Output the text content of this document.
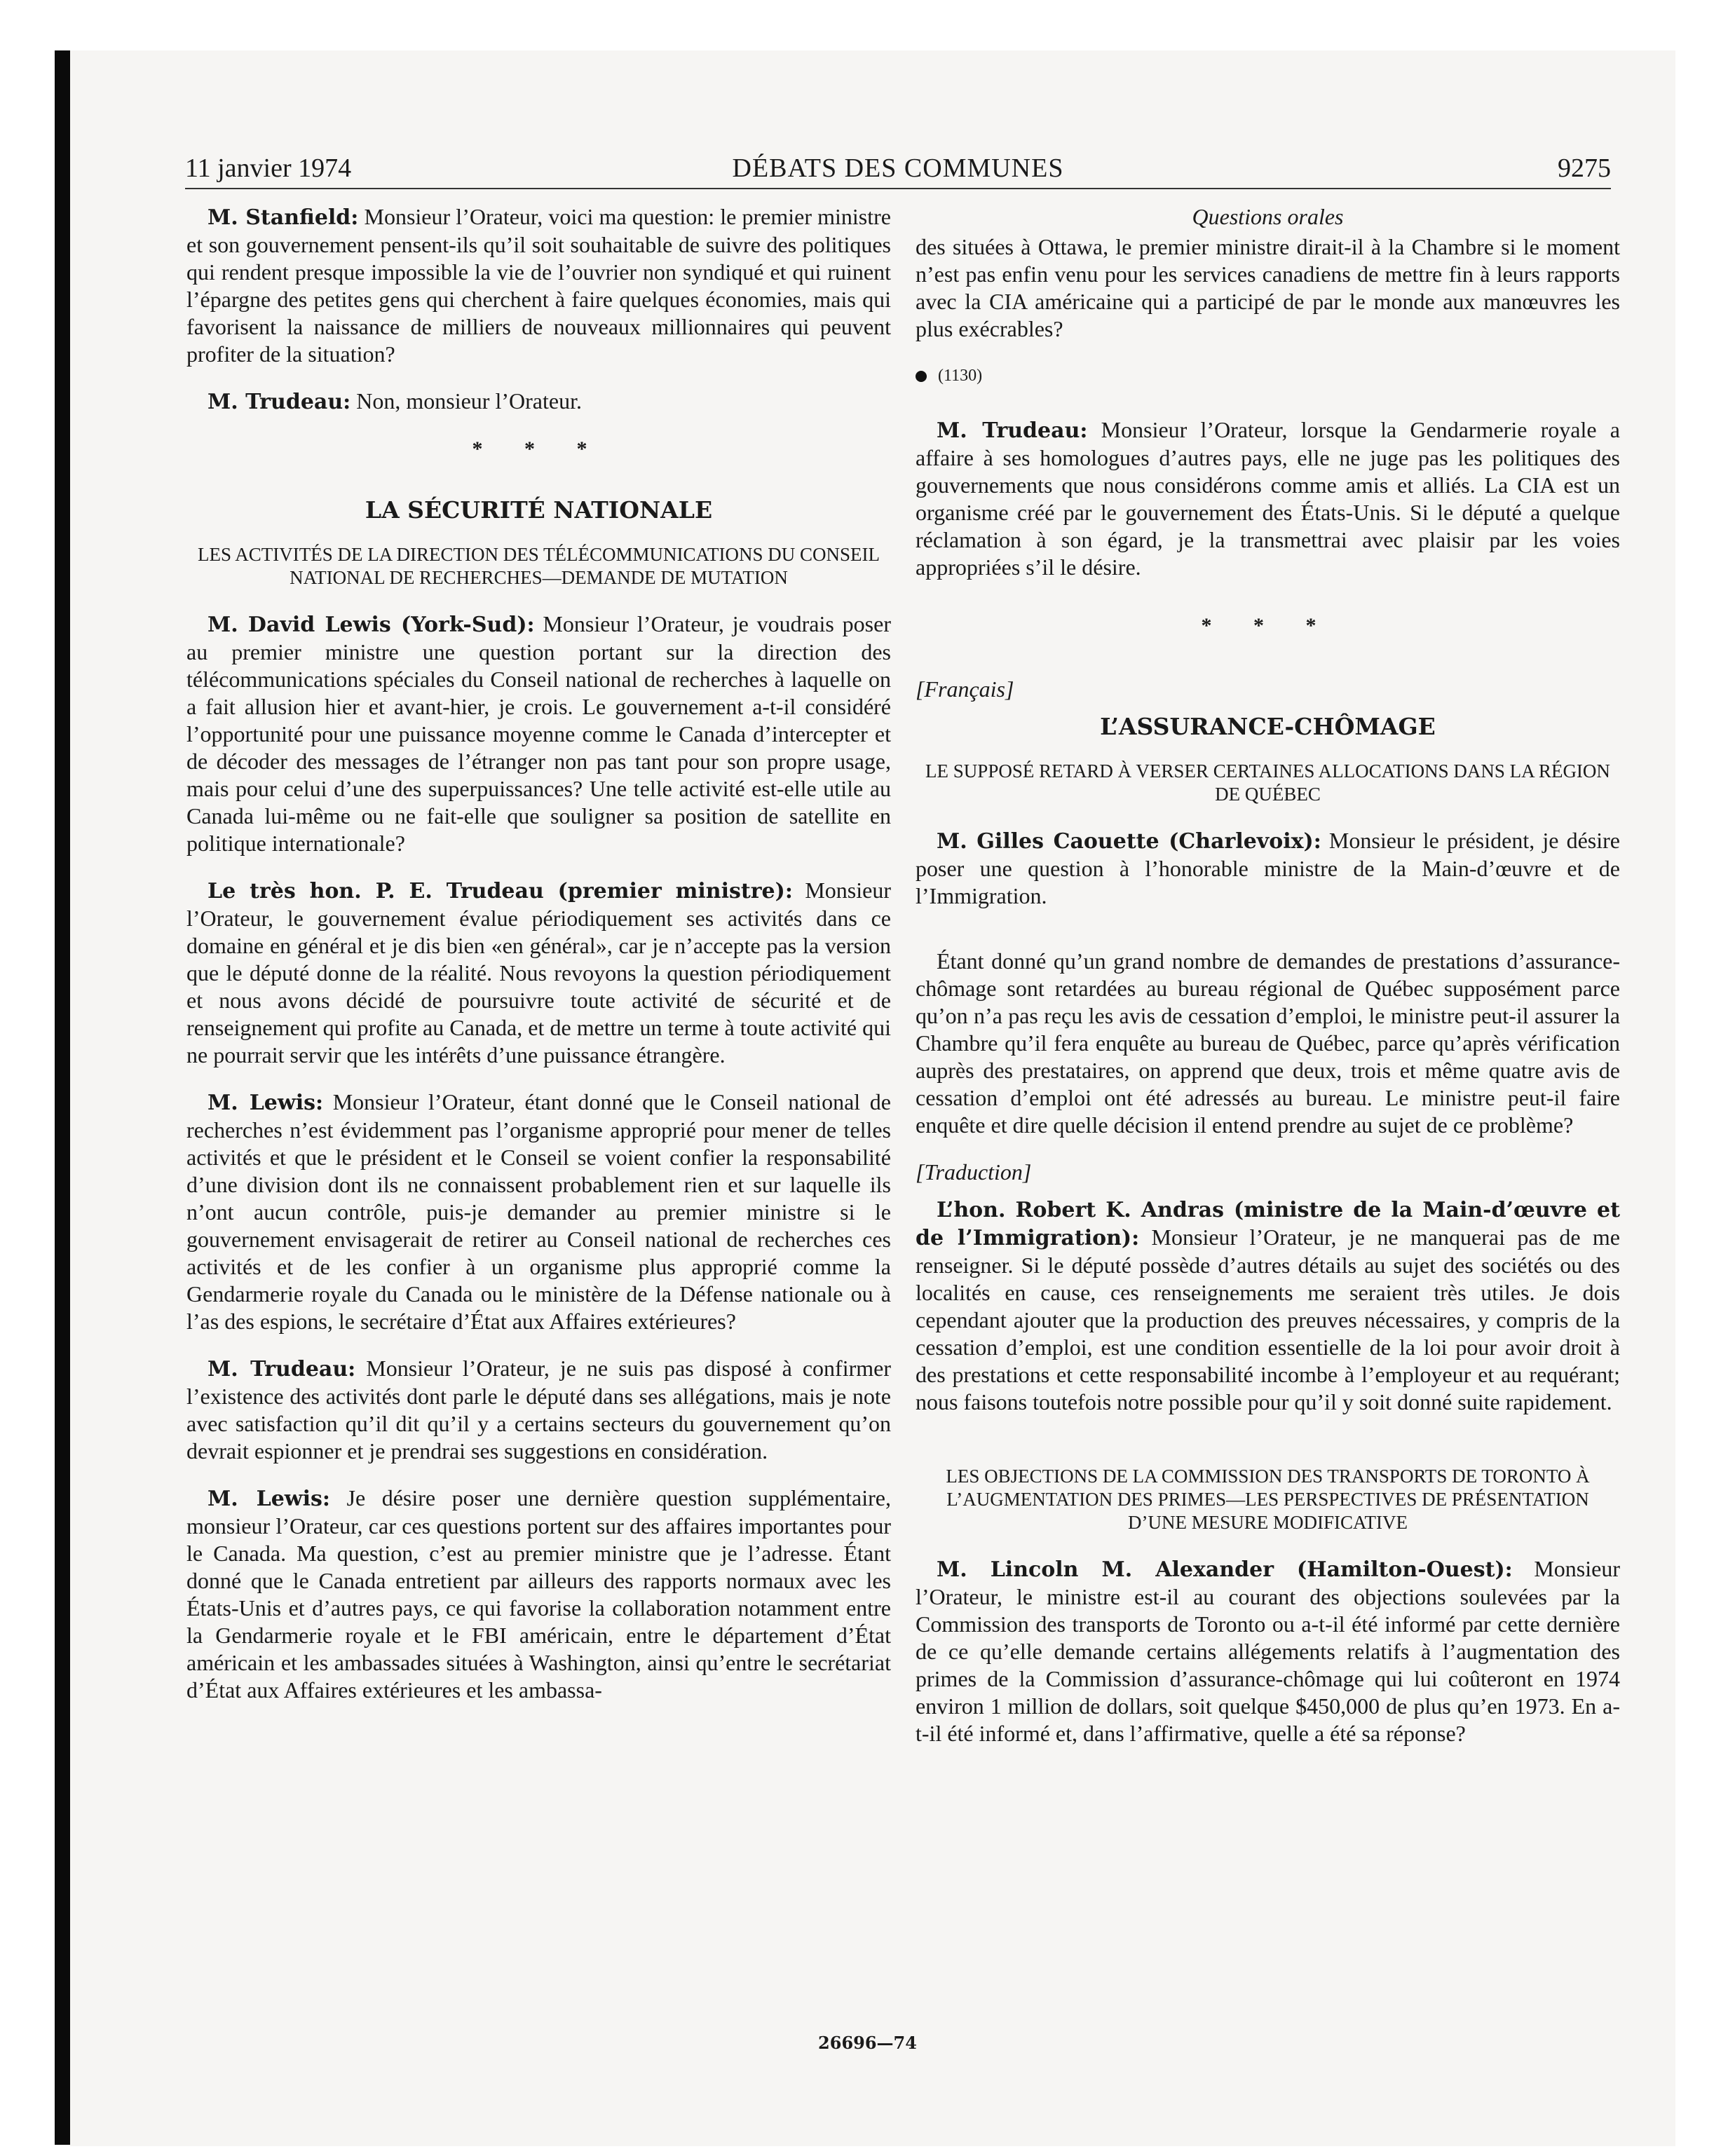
11 janvier 1974	DÉBATS DES COMMUNES	9275

M. Stanfield: Monsieur l’Orateur, voici ma question: le premier ministre et son gouvernement pensent-ils qu’il soit souhaitable de suivre des politiques qui rendent presque impossible la vie de l’ouvrier non syndiqué et qui ruinent l’épargne des petites gens qui cherchent à faire quelques économies, mais qui favorisent la naissance de milliers de nouveaux millionnaires qui peuvent profiter de la situation?

M. Trudeau: Non, monsieur l’Orateur.

* * *

LA SÉCURITÉ NATIONALE

LES ACTIVITÉS DE LA DIRECTION DES TÉLÉCOMMUNICATIONS DU CONSEIL NATIONAL DE RECHERCHES—DEMANDE DE MUTATION

M. David Lewis (York-Sud): Monsieur l’Orateur, je voudrais poser au premier ministre une question portant sur la direction des télécommunications spéciales du Conseil national de recherches à laquelle on a fait allusion hier et avant-hier, je crois. Le gouvernement a-t-il considéré l’opportunité pour une puissance moyenne comme le Canada d’intercepter et de décoder des messages de l’étranger non pas tant pour son propre usage, mais pour celui d’une des superpuissances? Une telle activité est-elle utile au Canada lui-même ou ne fait-elle que souligner sa position de satellite en politique internationale?

Le très hon. P. E. Trudeau (premier ministre): Monsieur l’Orateur, le gouvernement évalue périodiquement ses activités dans ce domaine en général et je dis bien «en général», car je n’accepte pas la version que le député donne de la réalité. Nous revoyons la question périodiquement et nous avons décidé de poursuivre toute activité de sécurité et de renseignement qui profite au Canada, et de mettre un terme à toute activité qui ne pourrait servir que les intérêts d’une puissance étrangère.

M. Lewis: Monsieur l’Orateur, étant donné que le Conseil national de recherches n’est évidemment pas l’organisme approprié pour mener de telles activités et que le président et le Conseil se voient confier la responsabilité d’une division dont ils ne connaissent probablement rien et sur laquelle ils n’ont aucun contrôle, puis-je demander au premier ministre si le gouvernement envisagerait de retirer au Conseil national de recherches ces activités et de les confier à un organisme plus approprié comme la Gendarmerie royale du Canada ou le ministère de la Défense nationale ou à l’as des espions, le secrétaire d’État aux Affaires extérieures?

M. Trudeau: Monsieur l’Orateur, je ne suis pas disposé à confirmer l’existence des activités dont parle le député dans ses allégations, mais je note avec satisfaction qu’il dit qu’il y a certains secteurs du gouvernement qu’on devrait espionner et je prendrai ses suggestions en considération.

M. Lewis: Je désire poser une dernière question supplémentaire, monsieur l’Orateur, car ces questions portent sur des affaires importantes pour le Canada. Ma question, c’est au premier ministre que je l’adresse. Étant donné que le Canada entretient par ailleurs des rapports normaux avec les États-Unis et d’autres pays, ce qui favorise la collaboration notamment entre la Gendarmerie royale et le FBI américain, entre le département d’État américain et les ambassades situées à Washington, ainsi qu’entre le secrétariat d’État aux Affaires extérieures et les ambassa-

Questions orales

des situées à Ottawa, le premier ministre dirait-il à la Chambre si le moment n’est pas enfin venu pour les services canadiens de mettre fin à leurs rapports avec la CIA américaine qui a participé de par le monde aux manœuvres les plus exécrables?

(1130)

M. Trudeau: Monsieur l’Orateur, lorsque la Gendarmerie royale a affaire à ses homologues d’autres pays, elle ne juge pas les politiques des gouvernements que nous considérons comme amis et alliés. La CIA est un organisme créé par le gouvernement des États-Unis. Si le député a quelque réclamation à son égard, je la transmettrai avec plaisir par les voies appropriées s’il le désire.

* * *

[Français]

L’ASSURANCE-CHÔMAGE

LE SUPPOSÉ RETARD À VERSER CERTAINES ALLOCATIONS DANS LA RÉGION DE QUÉBEC

M. Gilles Caouette (Charlevoix): Monsieur le président, je désire poser une question à l’honorable ministre de la Main-d’œuvre et de l’Immigration.

Étant donné qu’un grand nombre de demandes de prestations d’assurance-chômage sont retardées au bureau régional de Québec supposément parce qu’on n’a pas reçu les avis de cessation d’emploi, le ministre peut-il assurer la Chambre qu’il fera enquête au bureau de Québec, parce qu’après vérification auprès des prestataires, on apprend que deux, trois et même quatre avis de cessation d’emploi ont été adressés au bureau. Le ministre peut-il faire enquête et dire quelle décision il entend prendre au sujet de ce problème?

[Traduction]

L’hon. Robert K. Andras (ministre de la Main-d’œuvre et de l’Immigration): Monsieur l’Orateur, je ne manquerai pas de me renseigner. Si le député possède d’autres détails au sujet des sociétés ou des localités en cause, ces renseignements me seraient très utiles. Je dois cependant ajouter que la production des preuves nécessaires, y compris de la cessation d’emploi, est une condition essentielle de la loi pour avoir droit à des prestations et cette responsabilité incombe à l’employeur et au requérant; nous faisons toutefois notre possible pour qu’il y soit donné suite rapidement.

LES OBJECTIONS DE LA COMMISSION DES TRANSPORTS DE TORONTO À L’AUGMENTATION DES PRIMES—LES PERSPECTIVES DE PRÉSENTATION D’UNE MESURE MODIFICATIVE

M. Lincoln M. Alexander (Hamilton-Ouest): Monsieur l’Orateur, le ministre est-il au courant des objections soulevées par la Commission des transports de Toronto ou a-t-il été informé par cette dernière de ce qu’elle demande certains allégements relatifs à l’augmentation des primes de la Commission d’assurance-chômage qui lui coûteront en 1974 environ 1 million de dollars, soit quelque $450,000 de plus qu’en 1973. En a-t-il été informé et, dans l’affirmative, quelle a été sa réponse?

26696—74
